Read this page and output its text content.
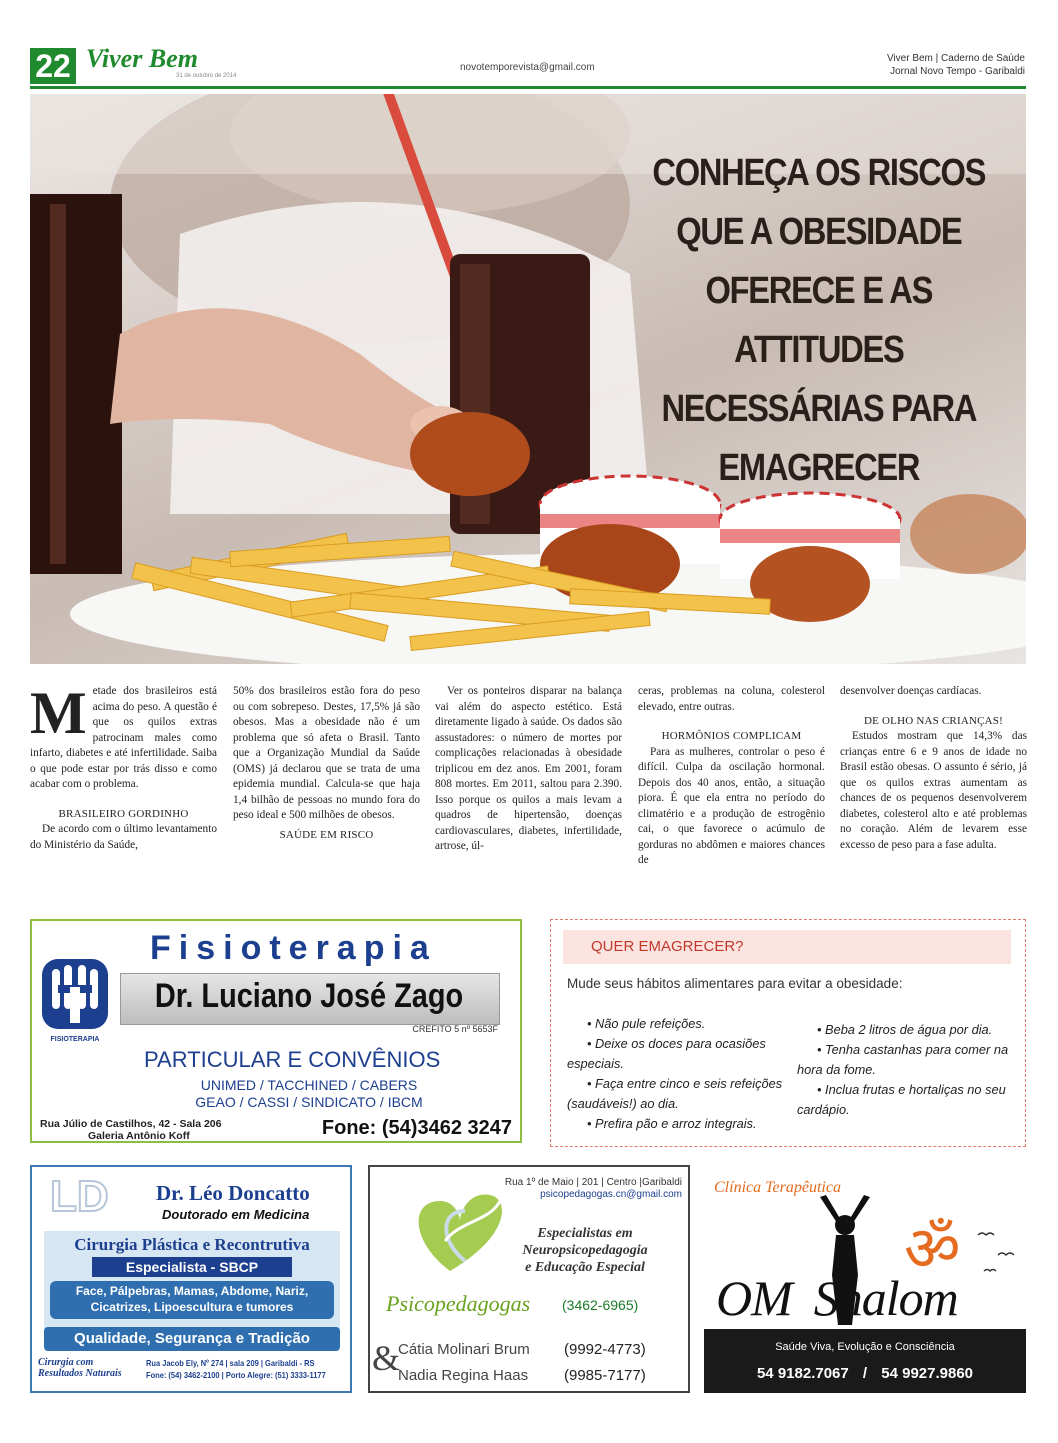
22 Viver Bem
31 de outubro de 2014
novotemporevista@gmail.com
Viver Bem | Caderno de Saúde
Jornal Novo Tempo - Garibaldi
CONHEÇA OS RISCOS QUE A OBESIDADE OFERECE E AS ATTITUDES NECESSÁRIAS PARA EMAGRECER

Metade dos brasileiros está acima do peso. A questão é que os quilos extras patrocinam males como infarto, diabetes e até infertilidade. Saiba o que pode estar por trás disso e como acabar com o problema.

BRASILEIRO GORDINHO

De acordo com o último levantamento do Ministério da Saúde,

50% dos brasileiros estão fora do peso ou com sobrepeso. Destes, 17,5% já são obesos. Mas a obesidade não é um problema que só afeta o Brasil. Tanto que a Organização Mundial da Saúde (OMS) já declarou que se trata de uma epidemia mundial. Calcula-se que haja 1,4 bilhão de pessoas no mundo fora do peso ideal e 500 milhões de obesos.

SAÚDE EM RISCO

Ver os ponteiros disparar na balança vai além do aspecto estético. Está diretamente ligado à saúde. Os dados são assustadores: o número de mortes por complicações relacionadas à obesidade triplicou em dez anos. Em 2001, foram 808 mortes. Em 2011, saltou para 2.390. Isso porque os quilos a mais levam a quadros de hipertensão, doenças cardiovasculares, diabetes, infertilidade, artrose, úl-

ceras, problemas na coluna, colesterol elevado, entre outras.

HORMÔNIOS COMPLICAM

Para as mulheres, controlar o peso é difícil. Culpa da oscilação hormonal. Depois dos 40 anos, então, a situação piora. É que ela entra no período do climatério e a produção de estrogênio cai, o que favorece o acúmulo de gorduras no abdômen e maiores chances de

desenvolver doenças cardíacas.

DE OLHO NAS CRIANÇAS!

Estudos mostram que 14,3% das crianças entre 6 e 9 anos de idade no Brasil estão obesas. O assunto é sério, já que os quilos extras aumentam as chances de os pequenos desenvolverem diabetes, colesterol alto e até problemas no coração. Além de levarem esse excesso de peso para a fase adulta.

FISIOTERAPIA
Fisioterapia
Dr. Luciano José Zago
CREFITO 5 nº 5653F
PARTICULAR E CONVÊNIOS
UNIMED / TACCHINED / CABERS
GEAO / CASSI / SINDICATO / IBCM
Rua Júlio de Castilhos, 42 - Sala 206
Galeria Antônio Koff	Fone: (54)3462 3247
QUER EMAGRECER?
Mude seus hábitos alimentares para evitar a obesidade:
• Não pule refeições.
• Deixe os doces para ocasiões especiais.
• Faça entre cinco e seis refeições (saudáveis!) ao dia.
• Prefira pão e arroz integrais.
• Beba 2 litros de água por dia.
• Tenha castanhas para comer na hora da fome.
• Inclua frutas e hortaliças no seu cardápio.
LD Dr. Léo Doncatto
Doutorado em Medicina
Cirurgia Plástica e Recontrutiva
Especialista - SBCP
Face, Pálpebras, Mamas, Abdome, Nariz,
Cicatrizes, Lipoescultura e tumores
Qualidade, Segurança e Tradição
Cirurgia com
Resultados Naturais
Rua Jacob Ely, Nº 274 | sala 209 | Garibaldi - RS
Fone: (54) 3462-2100 | Porto Alegre: (51) 3333-1177
Rua 1º de Maio | 201 | Centro |Garibaldi
psicopedagogas.cn@gmail.com
Especialistas em
Neuropsicopedagogia
e Educação Especial
Psicopedagogas (3462-6965)
&
Cátia Molinari Brum
Nadia Regina Haas
(9992-4773)
(9985-7177)
Clínica Terapêutica
ॐ
OM Shalom
Saúde Viva, Evolução e Consciência
54 9182.7067 / 54 9927.9860
